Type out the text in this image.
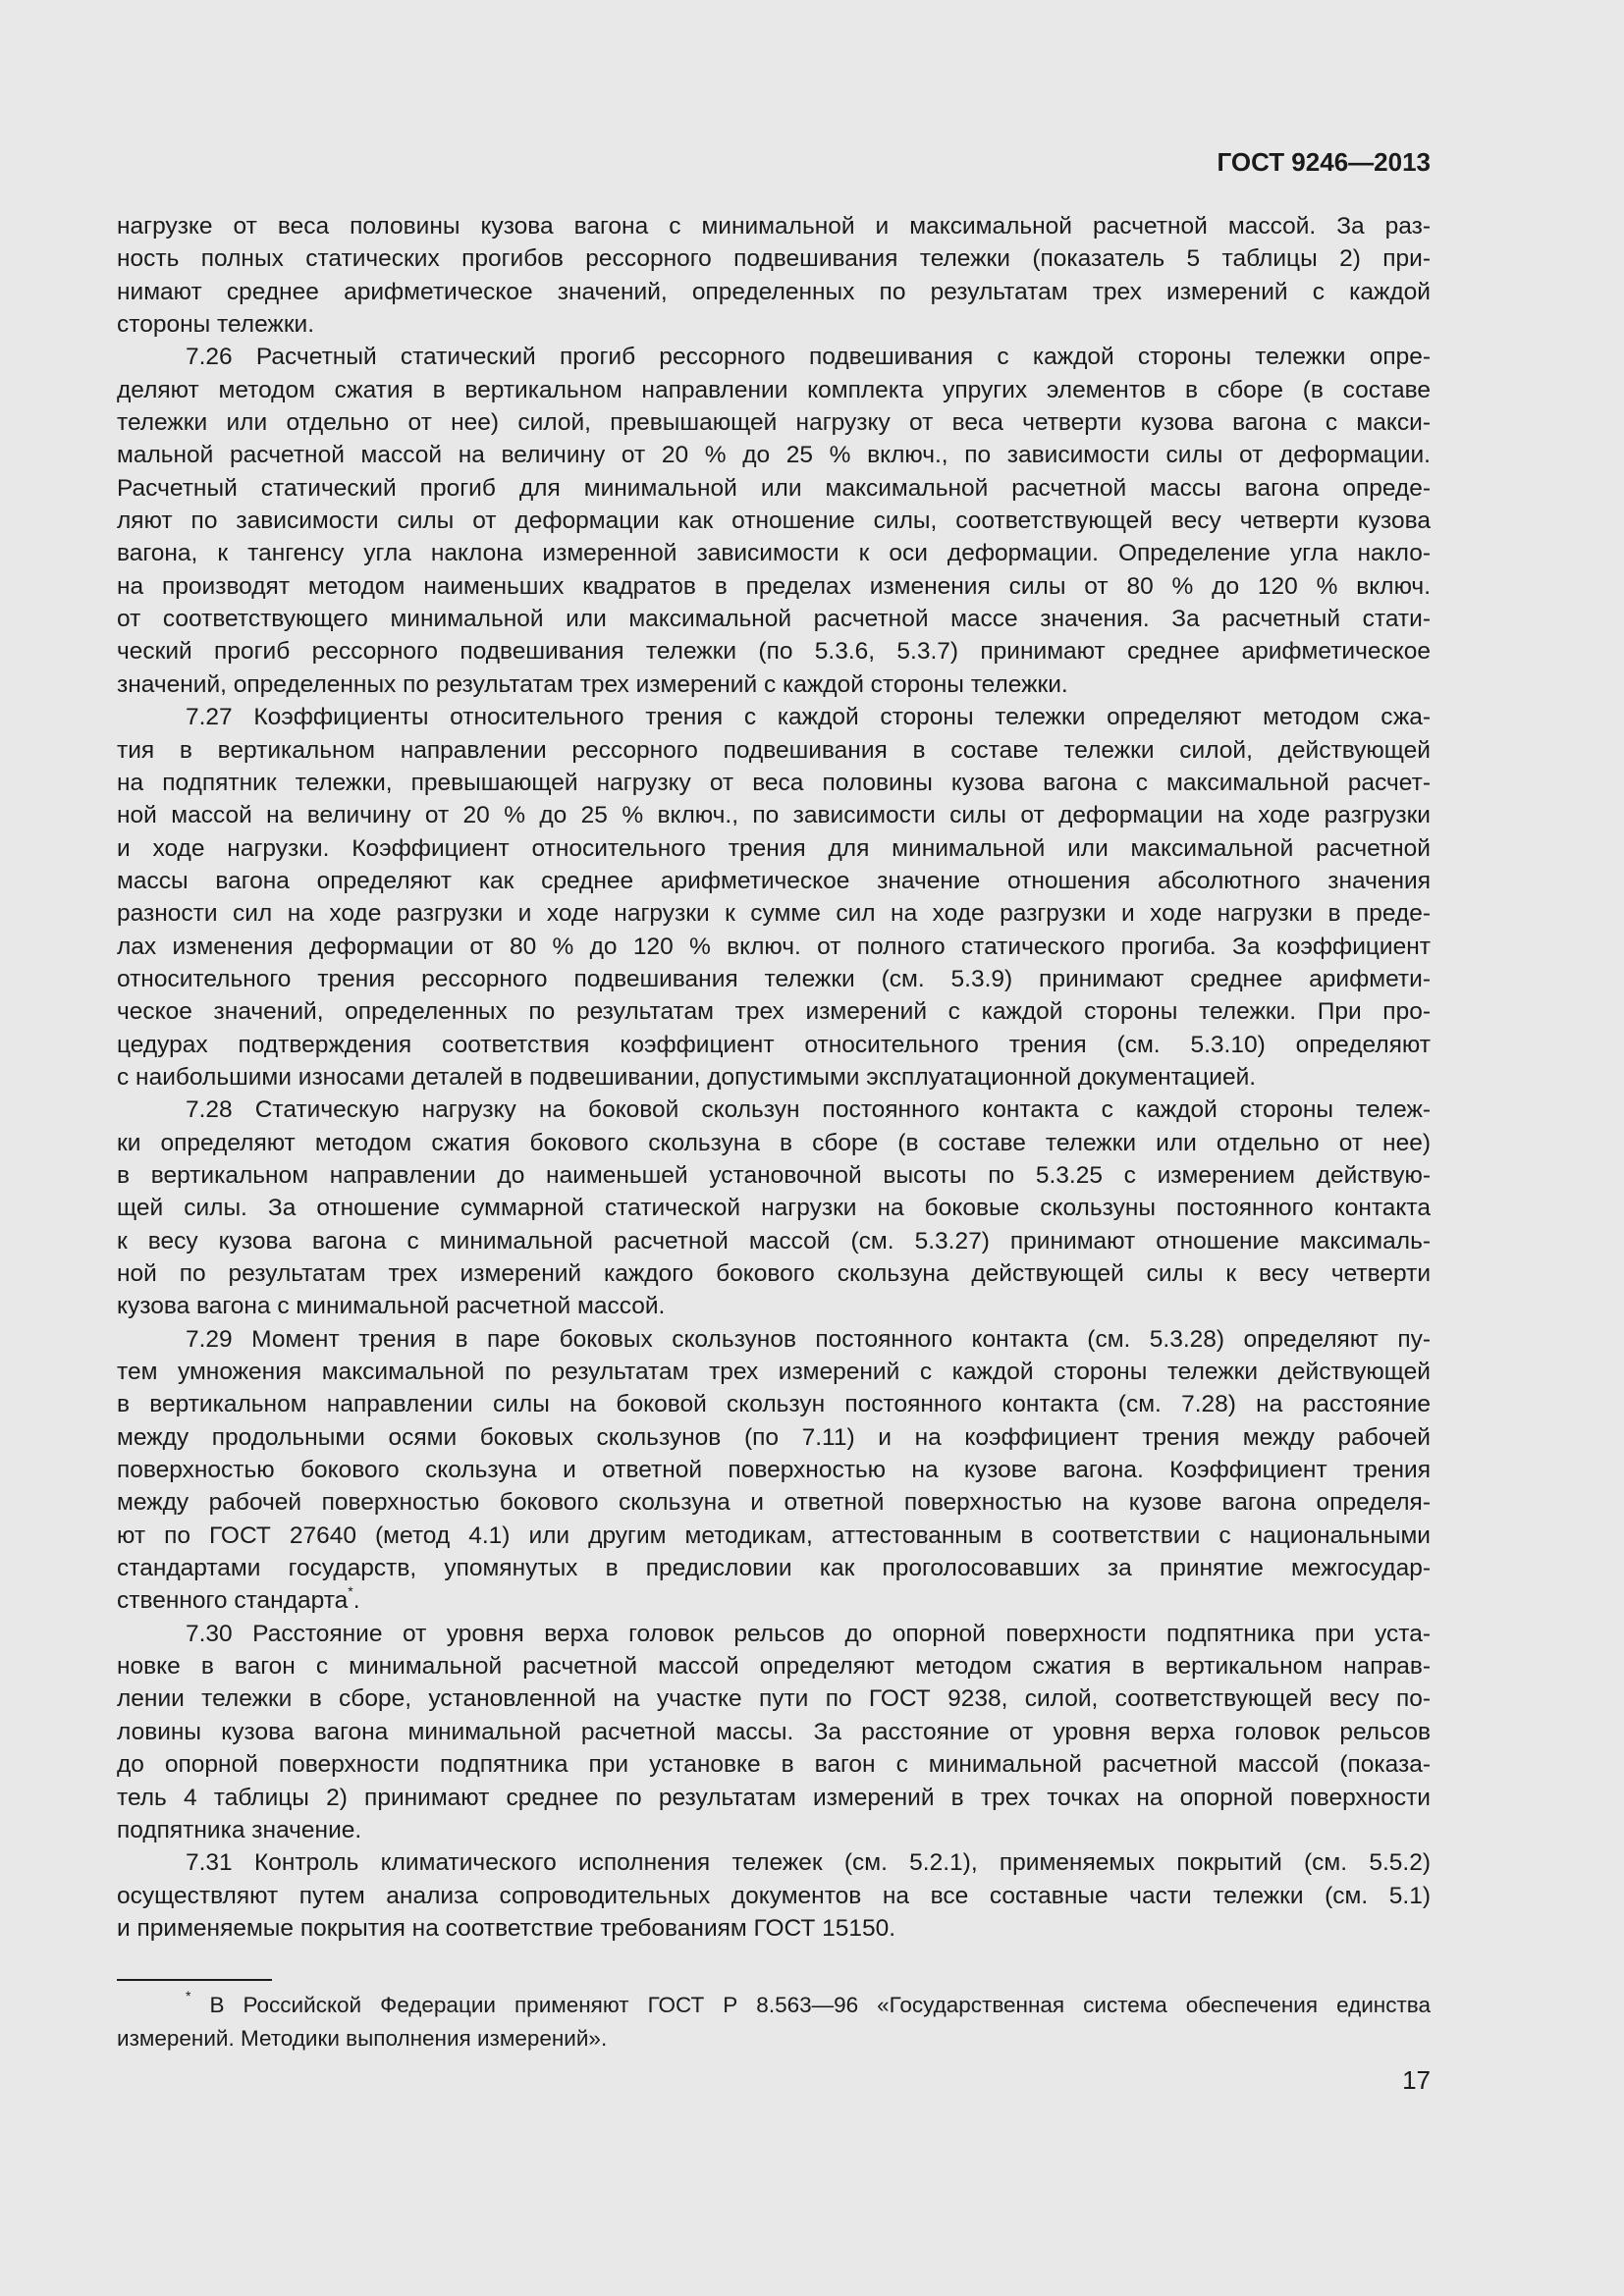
ГОСТ 9246—2013
нагрузке от веса половины кузова вагона с минимальной и максимальной расчетной массой. За раз-
ность полных статических прогибов рессорного подвешивания тележки (показатель 5 таблицы 2) при-
нимают среднее арифметическое значений, определенных по результатам трех измерений с каждой
стороны тележки.
7.26 Расчетный статический прогиб рессорного подвешивания с каждой стороны тележки опре-
деляют методом сжатия в вертикальном направлении комплекта упругих элементов в сборе (в составе
тележки или отдельно от нее) силой, превышающей нагрузку от веса четверти кузова вагона с макси-
мальной расчетной массой на величину от 20 % до 25 % включ., по зависимости силы от деформации.
Расчетный статический прогиб для минимальной или максимальной расчетной массы вагона опреде-
ляют по зависимости силы от деформации как отношение силы, соответствующей весу четверти кузова
вагона, к тангенсу угла наклона измеренной зависимости к оси деформации. Определение угла накло-
на производят методом наименьших квадратов в пределах изменения силы от 80 % до 120 % включ.
от соответствующего минимальной или максимальной расчетной массе значения. За расчетный стати-
ческий прогиб рессорного подвешивания тележки (по 5.3.6, 5.3.7) принимают среднее арифметическое
значений, определенных по результатам трех измерений с каждой стороны тележки.
7.27 Коэффициенты относительного трения с каждой стороны тележки определяют методом сжа-
тия в вертикальном направлении рессорного подвешивания в составе тележки силой, действующей
на подпятник тележки, превышающей нагрузку от веса половины кузова вагона с максимальной расчет-
ной массой на величину от 20 % до 25 % включ., по зависимости силы от деформации на ходе разгрузки
и ходе нагрузки. Коэффициент относительного трения для минимальной или максимальной расчетной
массы вагона определяют как среднее арифметическое значение отношения абсолютного значения
разности сил на ходе разгрузки и ходе нагрузки к сумме сил на ходе разгрузки и ходе нагрузки в преде-
лах изменения деформации от 80 % до 120 % включ. от полного статического прогиба. За коэффициент
относительного трения рессорного подвешивания тележки (см. 5.3.9) принимают среднее арифмети-
ческое значений, определенных по результатам трех измерений с каждой стороны тележки. При про-
цедурах подтверждения соответствия коэффициент относительного трения (см. 5.3.10) определяют
с наибольшими износами деталей в подвешивании, допустимыми эксплуатационной документацией.
7.28 Статическую нагрузку на боковой скользун постоянного контакта с каждой стороны тележ-
ки определяют методом сжатия бокового скользуна в сборе (в составе тележки или отдельно от нее)
в вертикальном направлении до наименьшей установочной высоты по 5.3.25 с измерением действую-
щей силы. За отношение суммарной статической нагрузки на боковые скользуны постоянного контакта
к весу кузова вагона с минимальной расчетной массой (см. 5.3.27) принимают отношение максималь-
ной по результатам трех измерений каждого бокового скользуна действующей силы к весу четверти
кузова вагона с минимальной расчетной массой.
7.29 Момент трения в паре боковых скользунов постоянного контакта (см. 5.3.28) определяют пу-
тем умножения максимальной по результатам трех измерений с каждой стороны тележки действующей
в вертикальном направлении силы на боковой скользун постоянного контакта (см. 7.28) на расстояние
между продольными осями боковых скользунов (по 7.11) и на коэффициент трения между рабочей
поверхностью бокового скользуна и ответной поверхностью на кузове вагона. Коэффициент трения
между рабочей поверхностью бокового скользуна и ответной поверхностью на кузове вагона определя-
ют по ГОСТ 27640 (метод 4.1) или другим методикам, аттестованным в соответствии с национальными
стандартами государств, упомянутых в предисловии как проголосовавших за принятие межгосудар-
ственного стандарта*.
7.30 Расстояние от уровня верха головок рельсов до опорной поверхности подпятника при уста-
новке в вагон с минимальной расчетной массой определяют методом сжатия в вертикальном направ-
лении тележки в сборе, установленной на участке пути по ГОСТ 9238, силой, соответствующей весу по-
ловины кузова вагона минимальной расчетной массы. За расстояние от уровня верха головок рельсов
до опорной поверхности подпятника при установке в вагон с минимальной расчетной массой (показа-
тель 4 таблицы 2) принимают среднее по результатам измерений в трех точках на опорной поверхности
подпятника значение.
7.31 Контроль климатического исполнения тележек (см. 5.2.1), применяемых покрытий (см. 5.5.2)
осуществляют путем анализа сопроводительных документов на все составные части тележки (см. 5.1)
и применяемые покрытия на соответствие требованиям ГОСТ 15150.
* В Российской Федерации применяют ГОСТ Р 8.563—96 «Государственная система обеспечения единства
измерений. Методики выполнения измерений».
17
